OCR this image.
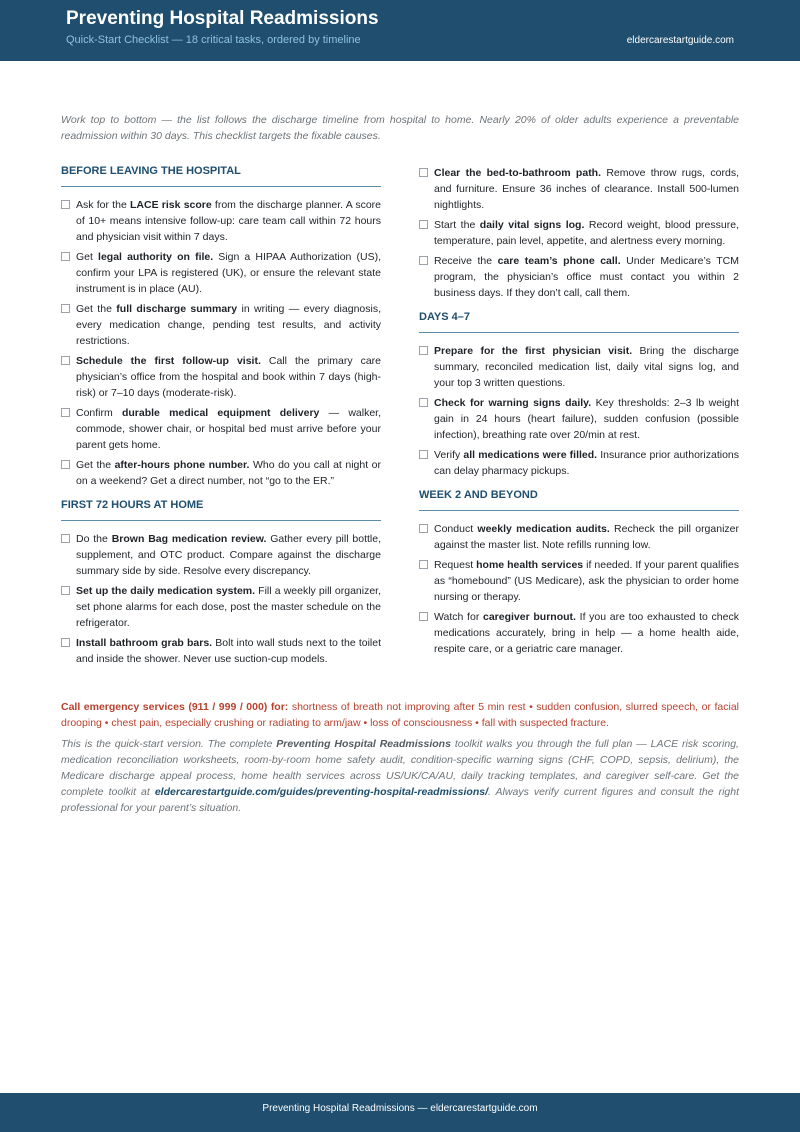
Preventing Hospital Readmissions
Quick-Start Checklist — 18 critical tasks, ordered by timeline	eldercarestartguide.com
Work top to bottom — the list follows the discharge timeline from hospital to home. Nearly 20% of older adults experience a preventable readmission within 30 days. This checklist targets the fixable causes.
BEFORE LEAVING THE HOSPITAL
Ask for the LACE risk score from the discharge planner. A score of 10+ means intensive follow-up: care team call within 72 hours and physician visit within 7 days.
Get legal authority on file. Sign a HIPAA Authorization (US), confirm your LPA is registered (UK), or ensure the relevant state instrument is in place (AU).
Get the full discharge summary in writing — every diagnosis, every medication change, pending test results, and activity restrictions.
Schedule the first follow-up visit. Call the primary care physician’s office from the hospital and book within 7 days (high-risk) or 7–10 days (moderate-risk).
Confirm durable medical equipment delivery — walker, commode, shower chair, or hospital bed must arrive before your parent gets home.
Get the after-hours phone number. Who do you call at night or on a weekend? Get a direct number, not “go to the ER.”
FIRST 72 HOURS AT HOME
Do the Brown Bag medication review. Gather every pill bottle, supplement, and OTC product. Compare against the discharge summary side by side. Resolve every discrepancy.
Set up the daily medication system. Fill a weekly pill organizer, set phone alarms for each dose, post the master schedule on the refrigerator.
Install bathroom grab bars. Bolt into wall studs next to the toilet and inside the shower. Never use suction-cup models.
Clear the bed-to-bathroom path. Remove throw rugs, cords, and furniture. Ensure 36 inches of clearance. Install 500-lumen nightlights.
Start the daily vital signs log. Record weight, blood pressure, temperature, pain level, appetite, and alertness every morning.
Receive the care team’s phone call. Under Medicare’s TCM program, the physician’s office must contact you within 2 business days. If they don’t call, call them.
DAYS 4–7
Prepare for the first physician visit. Bring the discharge summary, reconciled medication list, daily vital signs log, and your top 3 written questions.
Check for warning signs daily. Key thresholds: 2–3 lb weight gain in 24 hours (heart failure), sudden confusion (possible infection), breathing rate over 20/min at rest.
Verify all medications were filled. Insurance prior authorizations can delay pharmacy pickups.
WEEK 2 AND BEYOND
Conduct weekly medication audits. Recheck the pill organizer against the master list. Note refills running low.
Request home health services if needed. If your parent qualifies as “homebound” (US Medicare), ask the physician to order home nursing or therapy.
Watch for caregiver burnout. If you are too exhausted to check medications accurately, bring in help — a home health aide, respite care, or a geriatric care manager.
Call emergency services (911 / 999 / 000) for: shortness of breath not improving after 5 min rest • sudden confusion, slurred speech, or facial drooping • chest pain, especially crushing or radiating to arm/jaw • loss of consciousness • fall with suspected fracture.
This is the quick-start version. The complete Preventing Hospital Readmissions toolkit walks you through the full plan — LACE risk scoring, medication reconciliation worksheets, room-by-room home safety audit, condition-specific warning signs (CHF, COPD, sepsis, delirium), the Medicare discharge appeal process, home health services across US/UK/CA/AU, daily tracking templates, and caregiver self-care. Get the complete toolkit at eldercarestartguide.com/guides/preventing-hospital-readmissions/. Always verify current figures and consult the right professional for your parent’s situation.
Preventing Hospital Readmissions — eldercarestartguide.com
